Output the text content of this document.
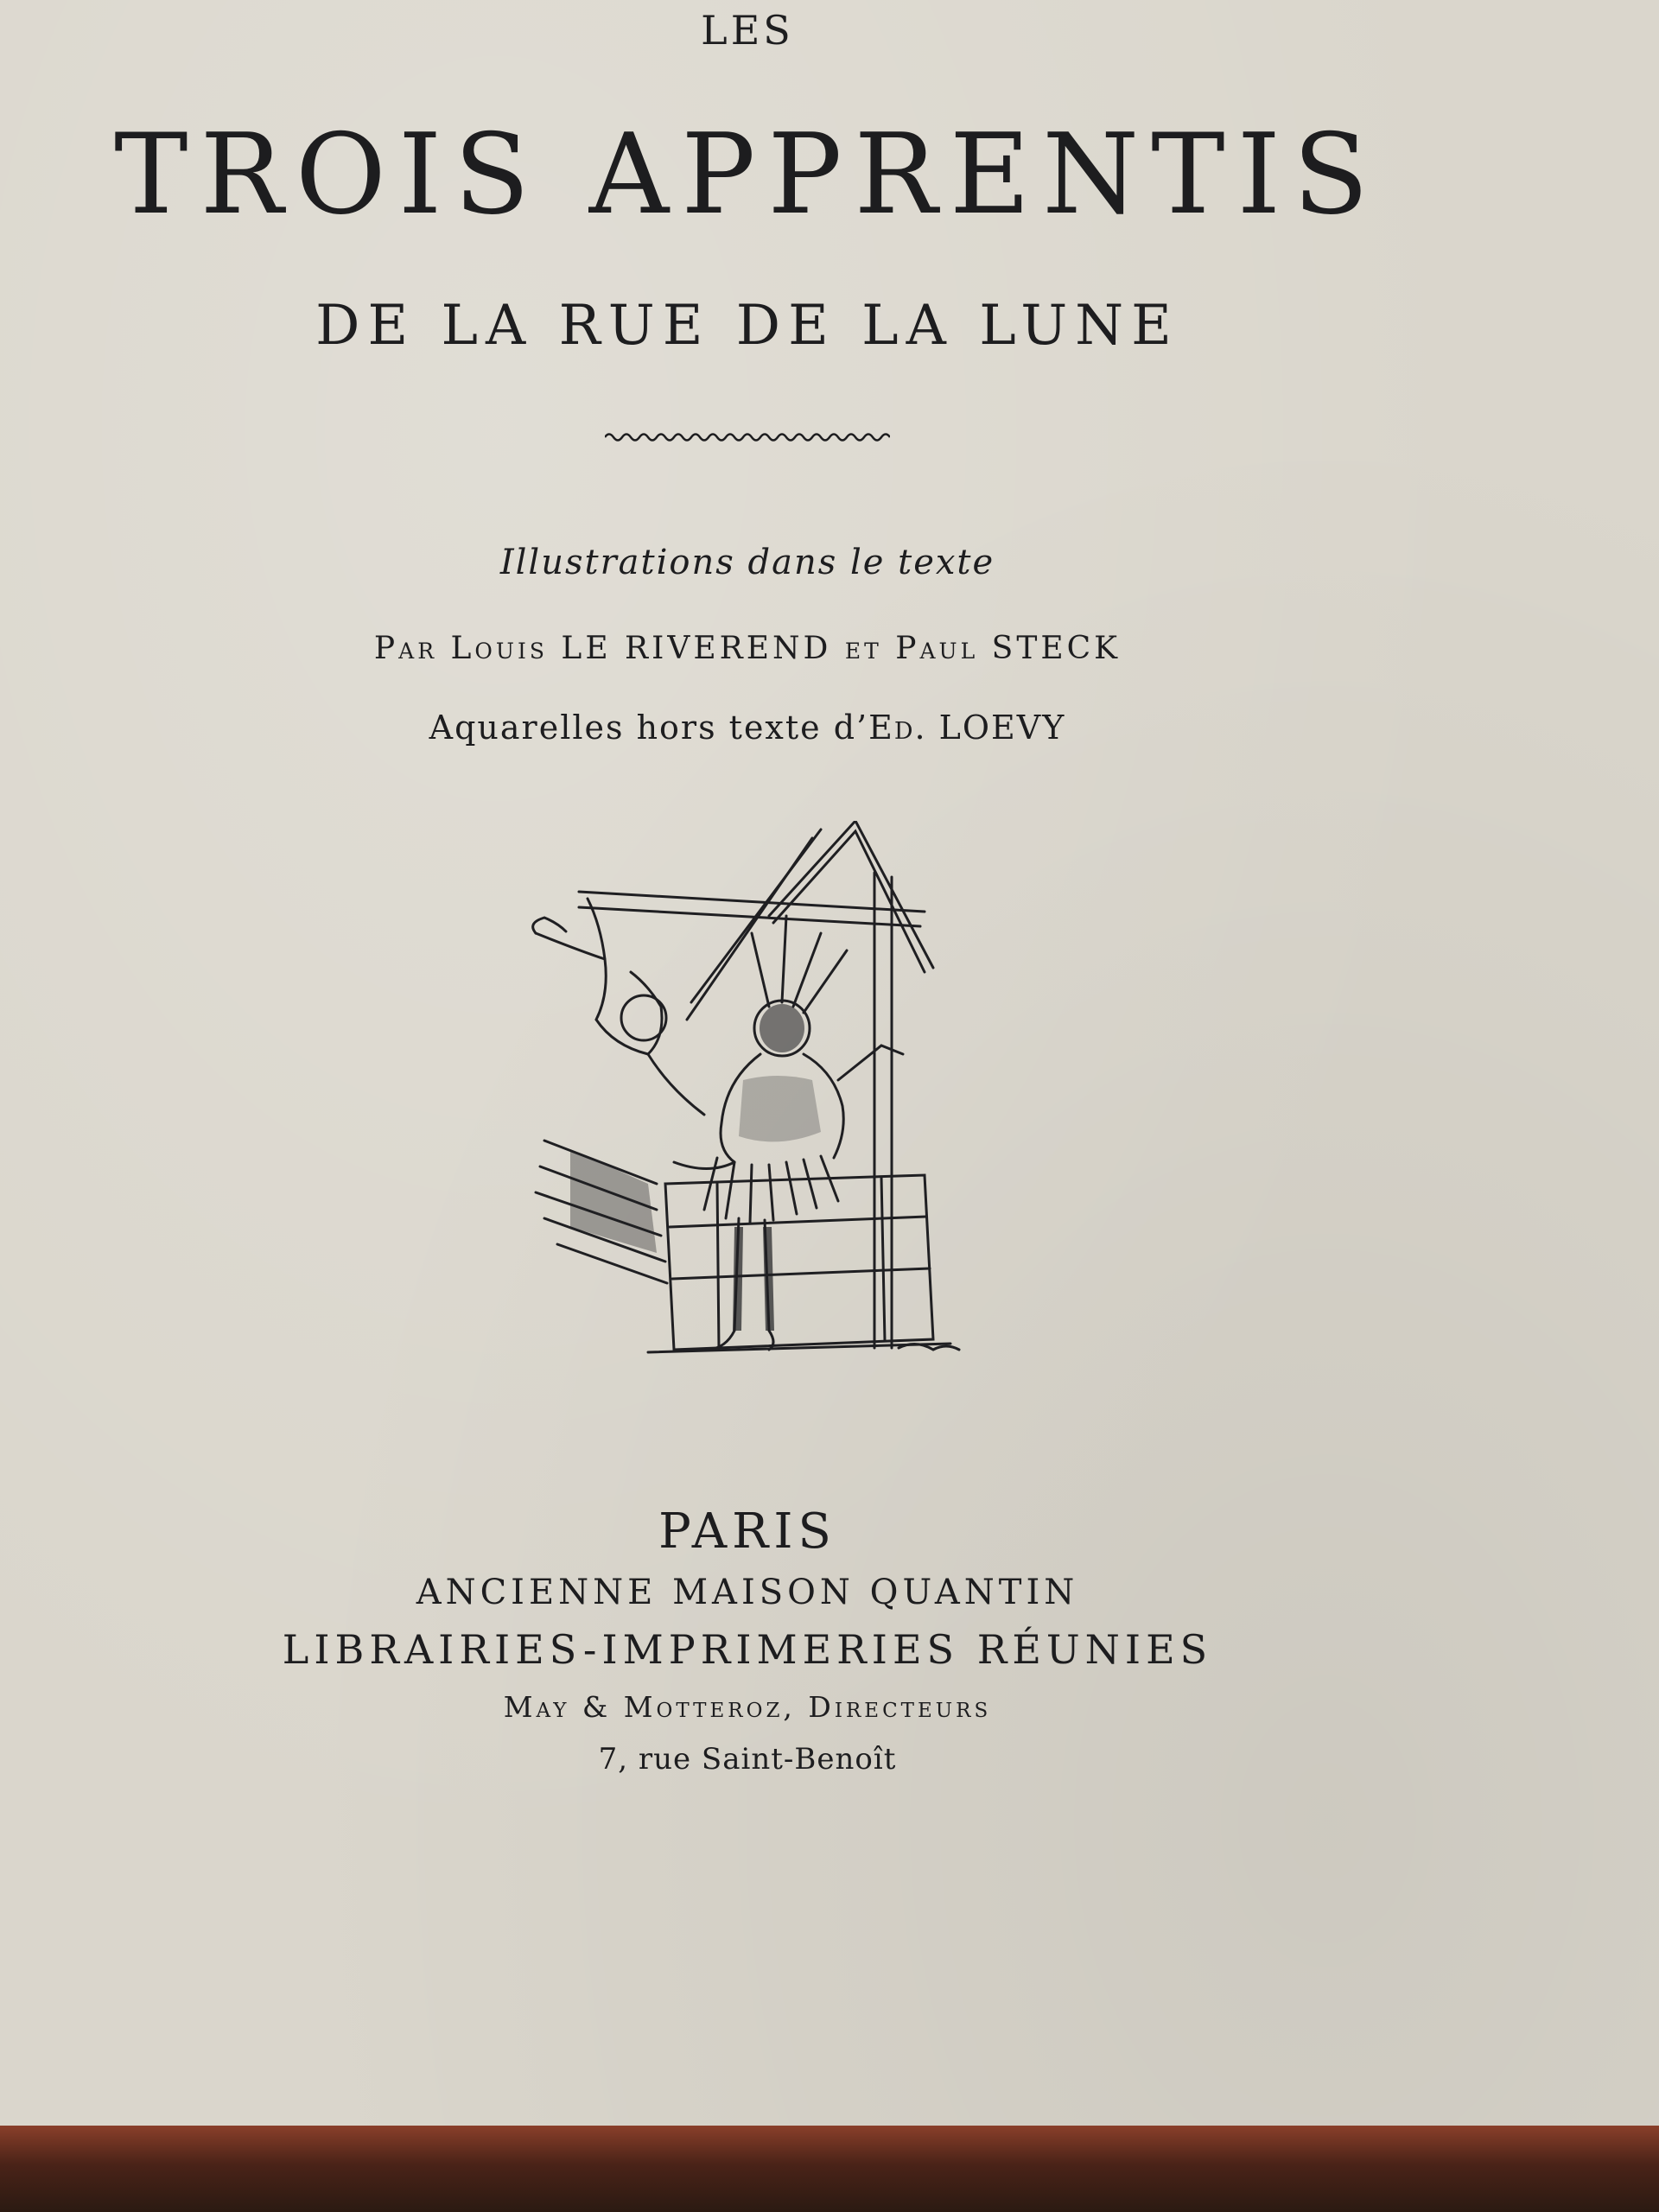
LES
TROIS APPRENTIS
DE LA RUE DE LA LUNE
Illustrations dans le texte
Par Louis LE RIVEREND et Paul STECK
Aquarelles hors texte d’Ed. LOEVY
PARIS
ANCIENNE MAISON QUANTIN
LIBRAIRIES-IMPRIMERIES RÉUNIES
May & Motteroz, Directeurs
7, rue Saint-Benoît
